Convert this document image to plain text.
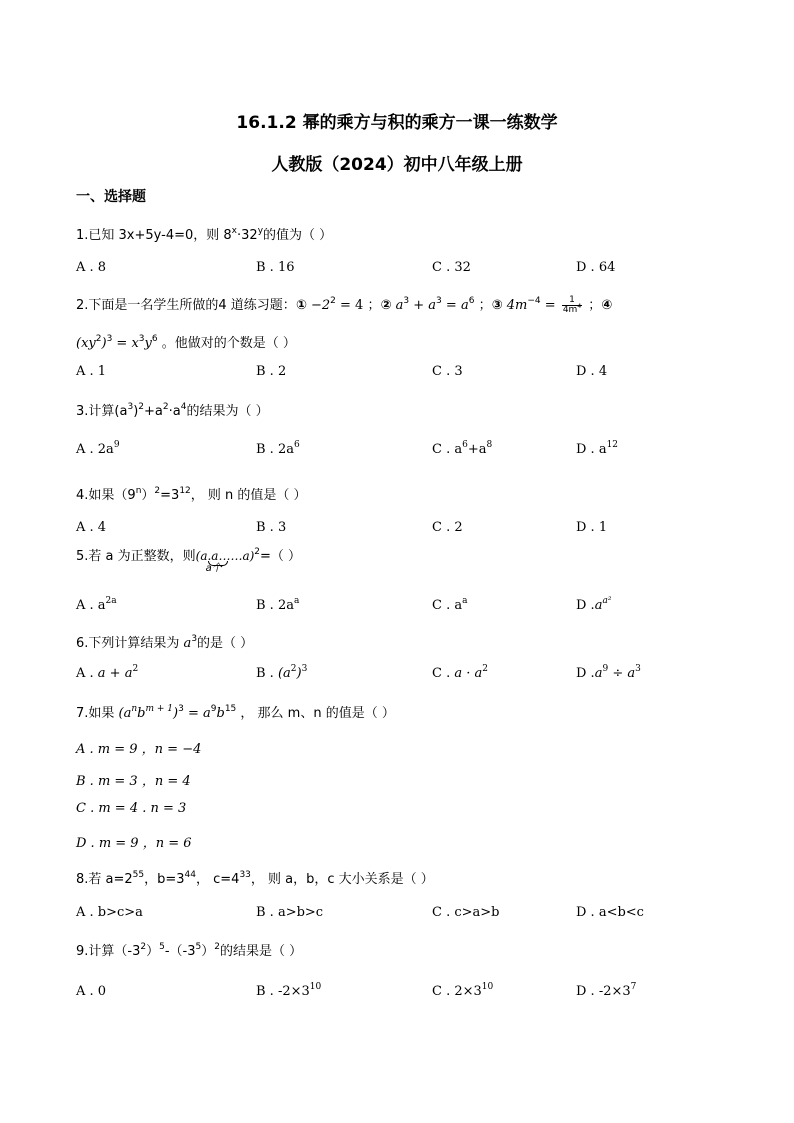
16.1.2 幂的乘方与积的乘方一课一练数学
人教版（2024）初中八年级上册
一、选择题
1.已知 3x+5y-4=0，则 $8^x\cdot 32^y$的值为（ ）
A . 8	B . 16	C . 32	D . 64
2.下面是一名学生所做的4 道练习题：① $-2^2 = 4$ ；② $a^3 + a^3 = a^6$ ；③ $4m^{-4} = \frac{1}{4m^4}$ ；④
$(xy^2)^3 = x^3y^6$ 。他做对的个数是（ ）
A . 1	B . 2	C . 3	D . 4
3.计算$(a^3)^2+a^2\cdot a^4$的结果为（ ）
A . $2a^9$	B . $2a^6$	C . $a^6+a^8$	D . $a^{12}$
4.如果$(9^n)^2=3^{12}$， 则 n 的值是（ ）
A . 4	B . 3	C . 2	D . 1
5.若 a 为正整数，则(a.a……a)$^2$
a个
=（ ）
A . $a^{2a}$	B . $2a^a$	C . $a^a$	D $.a^{a^2}$
6.下列计算结果为 $a^3$的是（ ）
A . $a + a^2$	B . $(a^2)^3$	C . $a \cdot a^2$	D $.a^9 \div a^3$
7.如果 $(a^nb^{m + 1})^3 = a^9b^{15}$ ， 那么 m、n 的值是（ ）
A . m = 9 ，n = −4
B . m = 3 ，n = 4
C . m = 4 . n = 3
D . m = 9 ，n = 6
8.若 $a=2^{55}$，$b=3^{44}$， $c=4^{33}$， 则 a，b，c 大小关系是（ ）
A . b>c>a	B . a>b>c	C . c>a>b	D . a<b<c
9.计算$(-3^2)^5-(-3^5)^2$的结果是（ ）
A . 0	B . $-2\times 3^{10}$	C . $2\times 3^{10}$	D . $-2\times 3^7$
